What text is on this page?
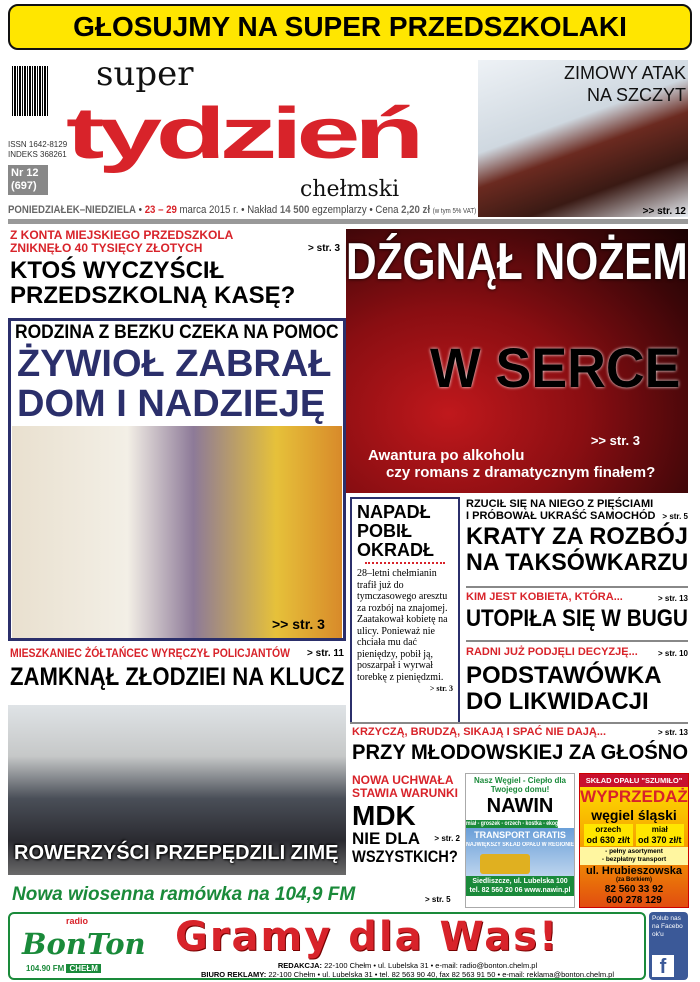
GŁOSUJMY NA SUPER PRZEDSZKOLAKI
ISSN 1642-8129
INDEKS 368261
Nr 12
(697)
super
tydzień
chełmski
ZIMOWY ATAK
NA SZCZYT
>> str. 12
PONIEDZIAŁEK–NIEDZIELA • 23 – 29 marca 2015 r. • Nakład 14 500 egzemplarzy • Cena 2,20 zł (w tym 5% VAT)
Z KONTA MIEJSKIEGO PRZEDSZKOLA
ZNIKNĘŁO 40 TYSIĘCY ZŁOTYCH	> str. 3
KTOŚ WYCZYŚCIŁ
PRZEDSZKOLNĄ KASĘ?
DŹGNĄŁ NOŻEM
W SERCE
>> str. 3
Awantura po alkoholu
czy romans z dramatycznym finałem?
RODZINA Z BEZKU CZEKA NA POMOC
ŻYWIOŁ ZABRAŁ
DOM I NADZIEJĘ
>> str. 3
MIESZKANIEC ŻÓŁTAŃCEC WYRĘCZYŁ POLICJANTÓW > str. 11
ZAMKNĄŁ ZŁODZIEI NA KLUCZ
ROWERZYŚCI PRZEPĘDZILI ZIMĘ
NAPADŁ
POBIŁ
OKRADŁ
28–letni chełmianin trafił już do tymczasowego aresztu za rozbój na znajomej. Zaatakował kobietę na ulicy. Ponieważ nie chciała mu dać pieniędzy, pobił ją, poszarpał i wyrwał torebkę z pieniędzmi.
> str. 3
RZUCIŁ SIĘ NA NIEGO Z PIĘŚCIAMI
I PRÓBOWAŁ UKRAŚĆ SAMOCHÓD > str. 5
KRATY ZA ROZBÓJ
NA TAKSÓWKARZU
KIM JEST KOBIETA, KTÓRA...	> str. 13
UTOPIŁA SIĘ W BUGU
RADNI JUŻ PODJĘLI DECYZJĘ...	> str. 10
PODSTAWÓWKA
DO LIKWIDACJI
KRZYCZĄ, BRUDZĄ, SIKAJĄ I SPAĆ NIE DAJĄ...	> str. 13
PRZY MŁODOWSKIEJ ZA GŁOŚNO
NOWA UCHWAŁA
STAWIA WARUNKI
MDK
NIE DLA
WSZYSTKICH?
> str. 2
Nasz Węgiel - Ciepło dla Twojego domu!
NAWIN
miał - groszek - orzech - kostka - ekogroszek
TRANSPORT GRATIS
NAJWIĘKSZY SKŁAD OPAŁU W REGIONIE
Siedliszcze, ul. Lubelska 100
tel. 82 560 20 06 www.nawin.pl
SKŁAD OPAŁU "SZUMIŁO"
WYPRZEDAŻ
węgiel śląski
orzech
od 630 zł/t
miał
od 370 zł/t
- pełny asortyment
- bezpłatny transport
ul. Hrubieszowska
(za Borkiem)
82 560 33 92
600 278 129
Nowa wiosenna ramówka na 104,9 FM	> str. 5
radio
BonTon
104.90 FM CHEŁM
Gramy dla Was!
REDAKCJA: 22-100 Chełm • ul. Lubelska 31 • e-mail: radio@bonton.chelm.pl
BIURO REKLAMY: 22-100 Chełm • ul. Lubelska 31 • tel. 82 563 90 40, fax 82 563 91 50 • e-mail: reklama@bonton.chelm.pl
Polub nas na Facebook'u
f
